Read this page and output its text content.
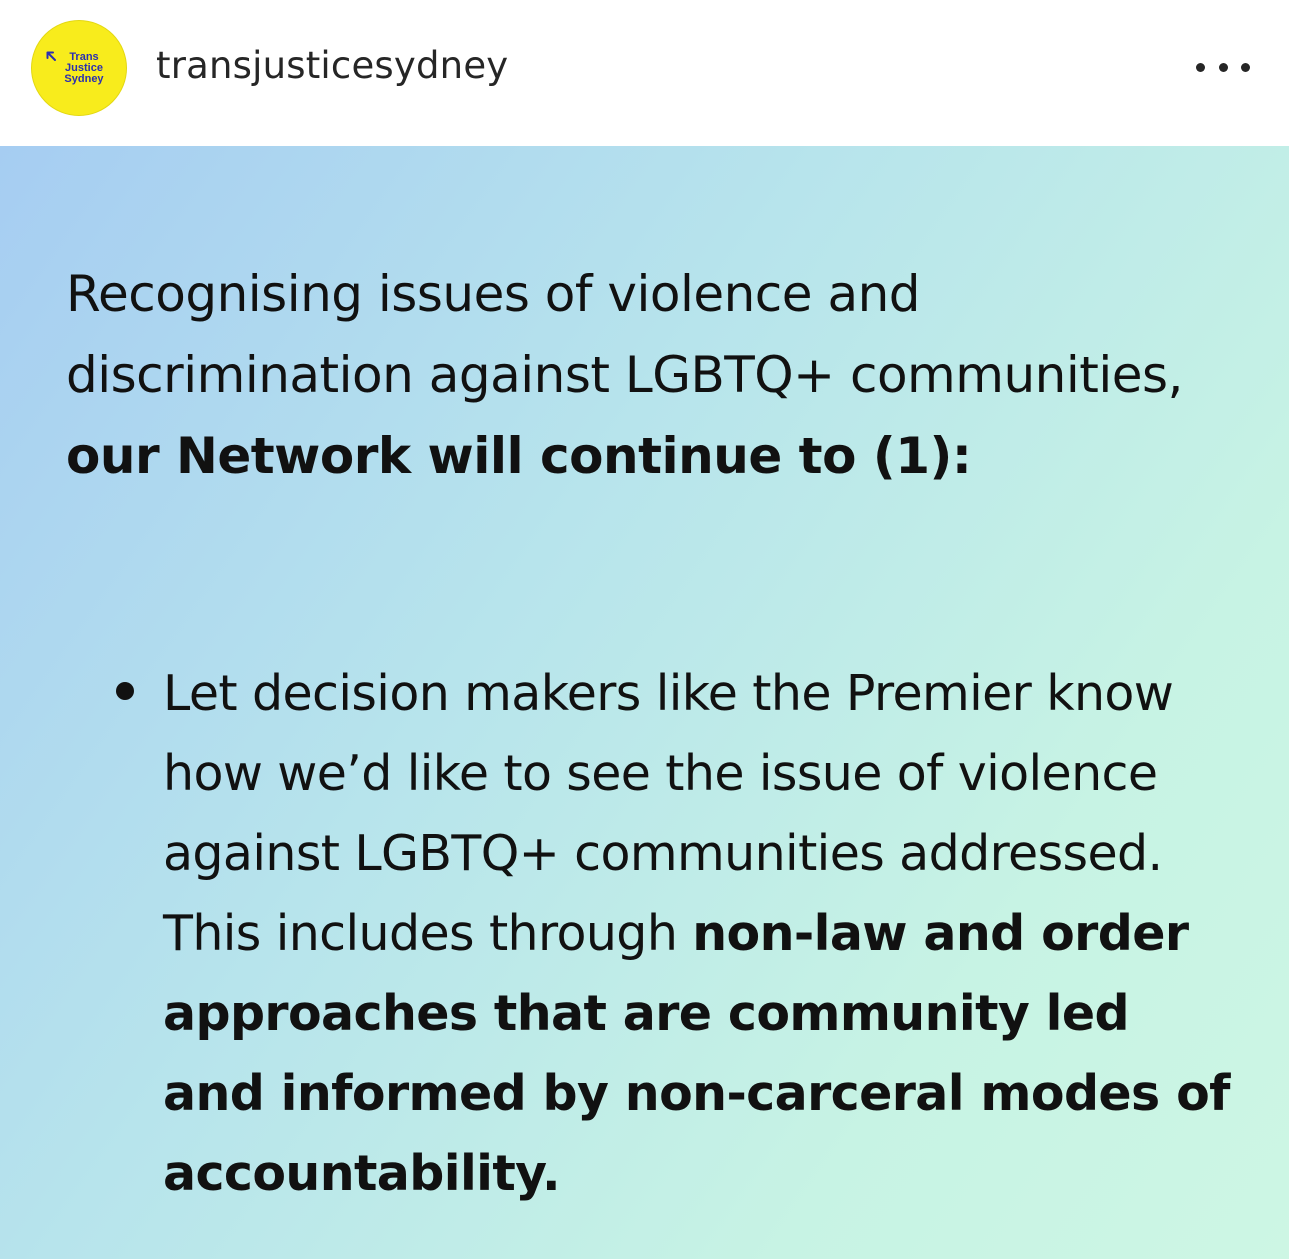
Trans
Justice
Sydney transjusticesydney

Recognising issues of violence and discrimination against LGBTQ+ communities, our Network will continue to (1):

Let decision makers like the Premier know how we’d like to see the issue of violence against LGBTQ+ communities addressed. This includes through non-law and order approaches that are community led and informed by non-carceral modes of accountability.
